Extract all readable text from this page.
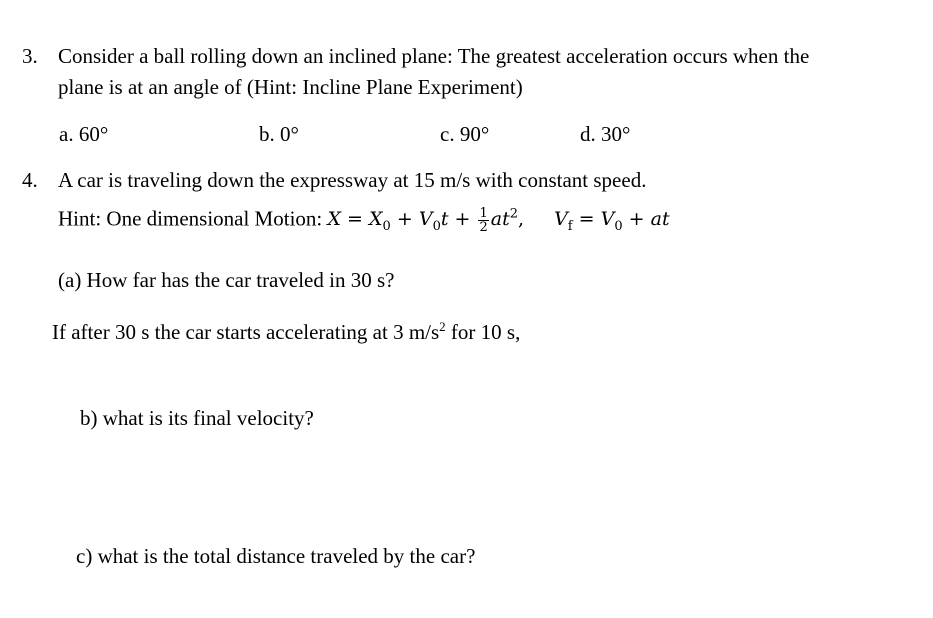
3. Consider a ball rolling down an inclined plane: The greatest acceleration occurs when the
plane is at an angle of (Hint: Incline Plane Experiment)
a. 60°	b. 0°	c. 90°	d. 30°
4. A car is traveling down the expressway at 15 m/s with constant speed.
Hint: One dimensional Motion: $X = X_0 + V_0t + \frac{1}{2} at^2$, $V_f = V_0$ + at
(a) How far has the car traveled in 30 s?
If after 30 s the car starts accelerating at 3 $m/s^2$ for 10 s,
b) what is its final velocity?
c) what is the total distance traveled by the car?
